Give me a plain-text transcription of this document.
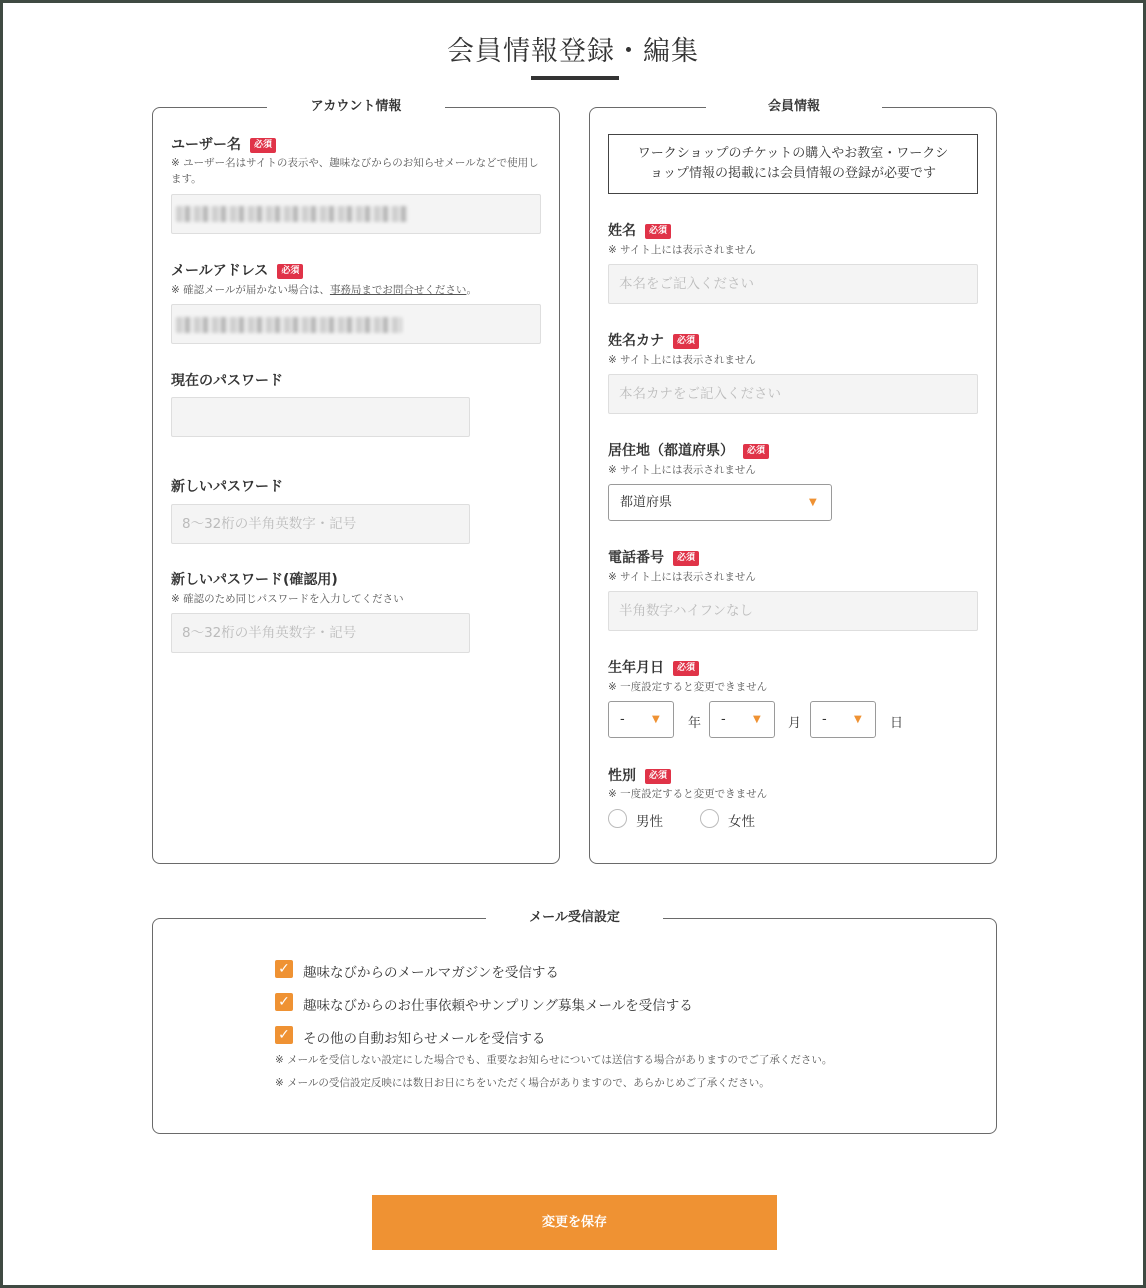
会員情報登録・編集
アカウント情報
ユーザー名 必須
※ ユーザー名はサイトの表示や、趣味なびからのお知らせメールなどで使用します。
メールアドレス 必須
※ 確認メールが届かない場合は、事務局までお問合せください。
現在のパスワード
新しいパスワード
新しいパスワード(確認用)
※ 確認のため同じパスワードを入力してください
会員情報
ワークショップのチケットの購入やお教室・ワークシ
ョップ情報の掲載には会員情報の登録が必要です
姓名 必須
※ サイト上には表示されません
本名をご記入ください
姓名カナ 必須
※ サイト上には表示されません
本名カナをご記入ください
居住地（都道府県） 必須
※ サイト上には表示されません
都道府県	▼
電話番号 必須
※ サイト上には表示されません
半角数字ハイフンなし
生年月日 必須
※ 一度設定すると変更できません
-	▼ 年	-	▼ 月	-	▼ 日
性別 必須
※ 一度設定すると変更できません
男性	女性
メール受信設定
✓ 趣味なびからのメールマガジンを受信する
✓ 趣味なびからのお仕事依頼やサンプリング募集メールを受信する
✓ その他の自動お知らせメールを受信する
※ メールを受信しない設定にした場合でも、重要なお知らせについては送信する場合がありますのでご了承ください。
※ メールの受信設定反映には数日お日にちをいただく場合がありますので、あらかじめご了承ください。
変更を保存
